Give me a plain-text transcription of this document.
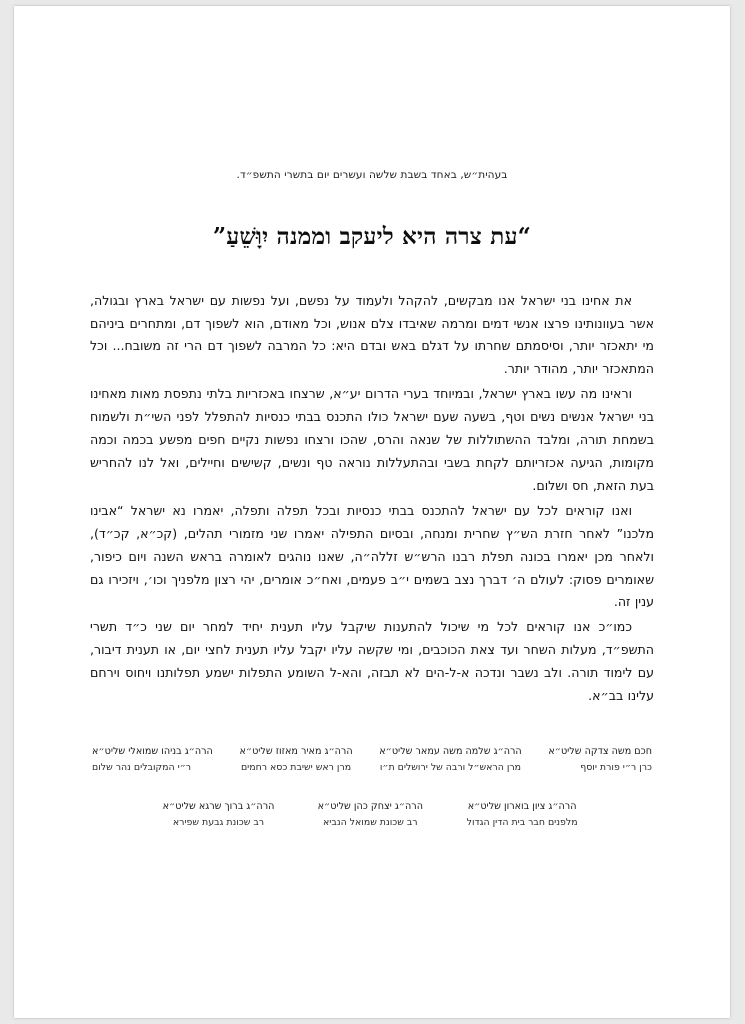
בעהית״ש, באחד בשבת שלשה ועשרים יום בתשרי התשפ״ד.
“עת צרה היא ליעקב וממנה יִוָּשֵׁעַ”

את אחינו בני ישראל אנו מבקשים, להקהל ולעמוד על נפשם, ועל נפשות עם ישראל בארץ ובגולה, אשר בעוונותינו פרצו אנשי דמים ומרמה שאיבדו צלם אנוש, וכל מאודם, הוא לשפוך דם, ומתחרים ביניהם מי יתאכזר יותר, וסיסמתם שחרתו על דגלם באש ובדם היא: כל המרבה לשפוך דם הרי זה משובח... וכל המתאכזר יותר, מהודר יותר.

וראינו מה עשו בארץ ישראל, ובמיוחד בערי הדרום יע״א, שרצחו באכזריות בלתי נתפסת מאות מאחינו בני ישראל אנשים נשים וטף, בשעה שעם ישראל כולו התכנס בבתי כנסיות להתפלל לפני השי״ת ולשמוח בשמחת תורה, ומלבד ההשתוללות של שנאה והרס, שהכו ורצחו נפשות נקיים חפים מפשע בכמה וכמה מקומות, הגיעה אכזריותם לקחת בשבי ובהתעללות נוראה טף ונשים, קשישים וחיילים, ואל לנו להחריש בעת הזאת, חס ושלום.

ואנו קוראים לכל עם ישראל להתכנס בבתי כנסיות ובכל תפלה ותפלה, יאמרו נא ישראל “אבינו מלכנו” לאחר חזרת הש״ץ שחרית ומנחה, ובסיום התפילה יאמרו שני מזמורי תהלים, (קכ״א, קכ״ד), ולאחר מכן יאמרו בכונה תפלת רבנו הרש״ש זללה״ה, שאנו נוהגים לאומרה בראש השנה ויום כיפור, שאומרים פסוק: לעולם ה׳ דברך נצב בשמים י״ב פעמים, ואח״כ אומרים, יהי רצון מלפניך וכו׳, ויזכירו גם ענין זה.

כמו״כ אנו קוראים לכל מי שיכול להתענות שיקבל עליו תענית יחיד למחר יום שני כ״ד תשרי התשפ״ד, מעלות השחר ועד צאת הכוכבים, ומי שקשה עליו יקבל עליו תענית לחצי יום, או תענית דיבור, עם לימוד תורה. ולב נשבר ונדכה א-ל-הים לא תבזה, והא-ל השומע התפלות ישמע תפלותנו ויחוס וירחם עלינו בב״א.

חכם משה צדקה שליט״א
כרן ר״י פורת יוסף
הרה״ג שלמה משה עמאר שליט״א
מרן הראש״ל ורבה של ירושלים ת״ו
הרה״ג מאיר מאזוז שליט״א
מרן ראש ישיבת כסא רחמים
הרה״ג בניהו שמואלי שליט״א
ר״י המקובלים נהר שלום
הרה״ג ציון בוארון שליט״א
מלפנים חבר בית הדין הגדול
הרה״ג יצחק כהן שליט״א
רב שכונת שמואל הנביא
הרה״ג ברוך שרגא שליט״א
רב שכונת גבעת שפירא
